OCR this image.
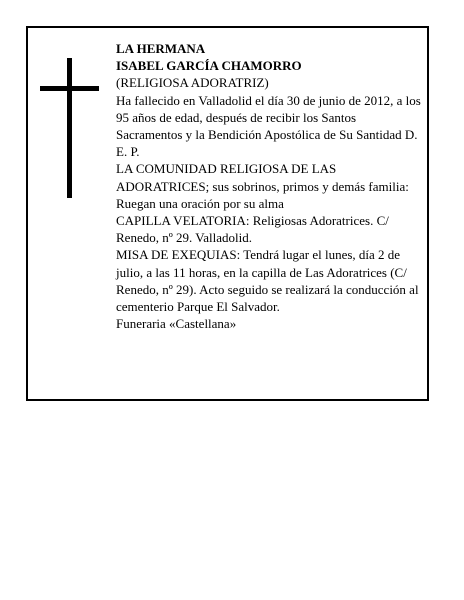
LA HERMANA

ISABEL GARCÍA CHAMORRO

(RELIGIOSA ADORATRIZ)

Ha fallecido en Valladolid el día 30 de junio de 2012, a los 95 años de edad, después de recibir los Santos Sacramentos y la Bendición Apostólica de Su Santidad D. E. P.

LA COMUNIDAD RELIGIOSA DE LAS ADORATRICES; sus sobrinos, primos y demás familia:

Ruegan una oración por su alma

CAPILLA VELATORIA: Religiosas Adoratrices. C/ Renedo, nº 29. Valladolid.

MISA DE EXEQUIAS: Tendrá lugar el lunes, día 2 de julio, a las 11 horas, en la capilla de Las Adoratrices (C/ Renedo, nº 29). Acto seguido se realizará la conducción al cementerio Parque El Salvador.

Funeraria «Castellana»
